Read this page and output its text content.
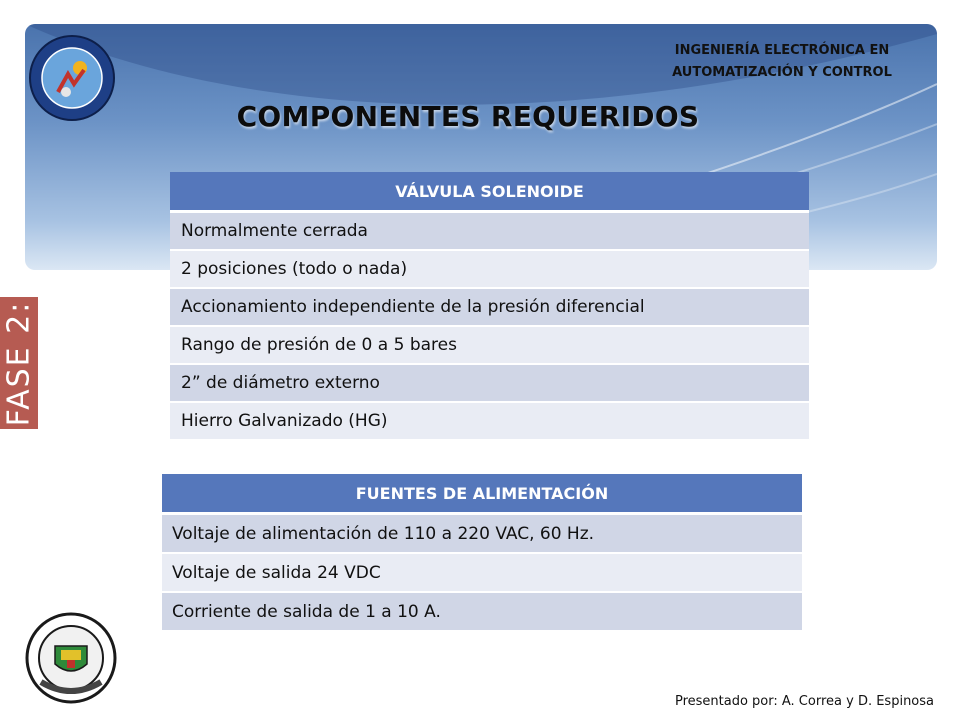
INGENIERÍA ELECTRÓNICA EN
AUTOMATIZACIÓN Y CONTROL
COMPONENTES REQUERIDOS
FASE 2:
VÁLVULA SOLENOIDE
Normalmente cerrada
2 posiciones (todo o nada)
Accionamiento independiente de la presión diferencial
Rango de presión de 0 a 5 bares
2” de diámetro externo
Hierro Galvanizado (HG)
FUENTES DE ALIMENTACIÓN
Voltaje de alimentación de 110 a 220 VAC, 60 Hz.
Voltaje de salida 24 VDC
Corriente de salida de 1 a 10 A.
Presentado por: A. Correa y D. Espinosa
